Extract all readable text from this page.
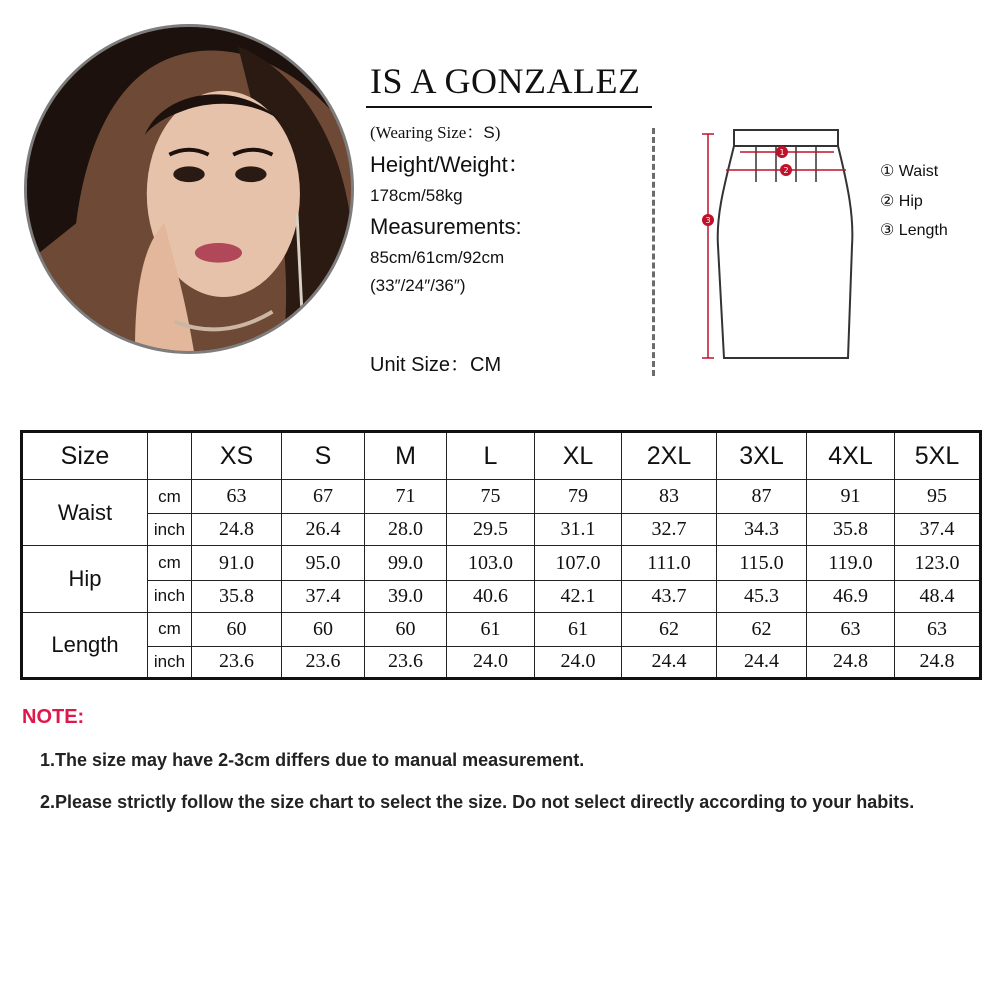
IS A GONZALEZ
(Wearing Size：S)
Height/Weight：
178cm/58kg
Measurements:
85cm/61cm/92cm
(33″/24″/36″)
Unit Size：CM
1
2
3
① Waist
② Hip
③ Length
Size		XS	S	M	L	XL	2XL	3XL	4XL	5XL
Waist	cm	63	67	71	75	79	83	87	91	95
	inch	24.8	26.4	28.0	29.5	31.1	32.7	34.3	35.8	37.4
Hip	cm	91.0	95.0	99.0	103.0	107.0	111.0	115.0	119.0	123.0
	inch	35.8	37.4	39.0	40.6	42.1	43.7	45.3	46.9	48.4
Length	cm	60	60	60	61	61	62	62	63	63
	inch	23.6	23.6	23.6	24.0	24.0	24.4	24.4	24.8	24.8
NOTE:
1.The size may have 2-3cm differs due to manual measurement.
2.Please strictly follow the size chart to select the size. Do not select directly according to your habits.
